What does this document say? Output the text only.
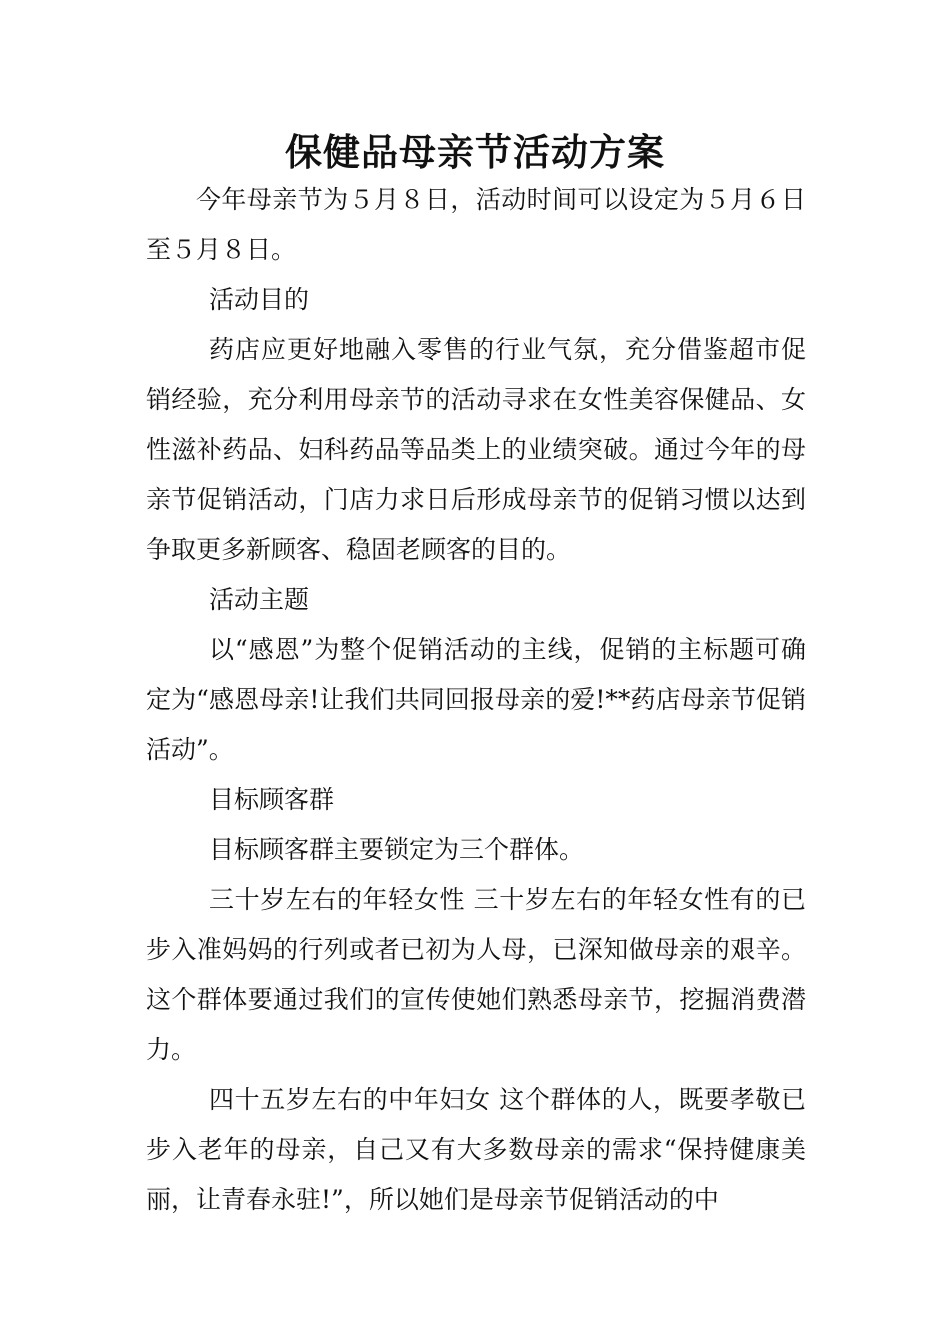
保健品母亲节活动方案

今年母亲节为５月８日，活动时间可以设定为５月６日至５月８日。

活动目的

药店应更好地融入零售的行业气氛，充分借鉴超市促销经验，充分利用母亲节的活动寻求在女性美容保健品、女性滋补药品、妇科药品等品类上的业绩突破。通过今年的母亲节促销活动，门店力求日后形成母亲节的促销习惯以达到争取更多新顾客、稳固老顾客的目的。

活动主题

以“感恩”为整个促销活动的主线，促销的主标题可确定为“感恩母亲!让我们共同回报母亲的爱!**药店母亲节促销活动”。

目标顾客群

目标顾客群主要锁定为三个群体。

三十岁左右的年轻女性 三十岁左右的年轻女性有的已步入准妈妈的行列或者已初为人母，已深知做母亲的艰辛。这个群体要通过我们的宣传使她们熟悉母亲节，挖掘消费潜力。

四十五岁左右的中年妇女 这个群体的人，既要孝敬已步入老年的母亲，自己又有大多数母亲的需求“保持健康美丽，让青春永驻!”，所以她们是母亲节促销活动的中
